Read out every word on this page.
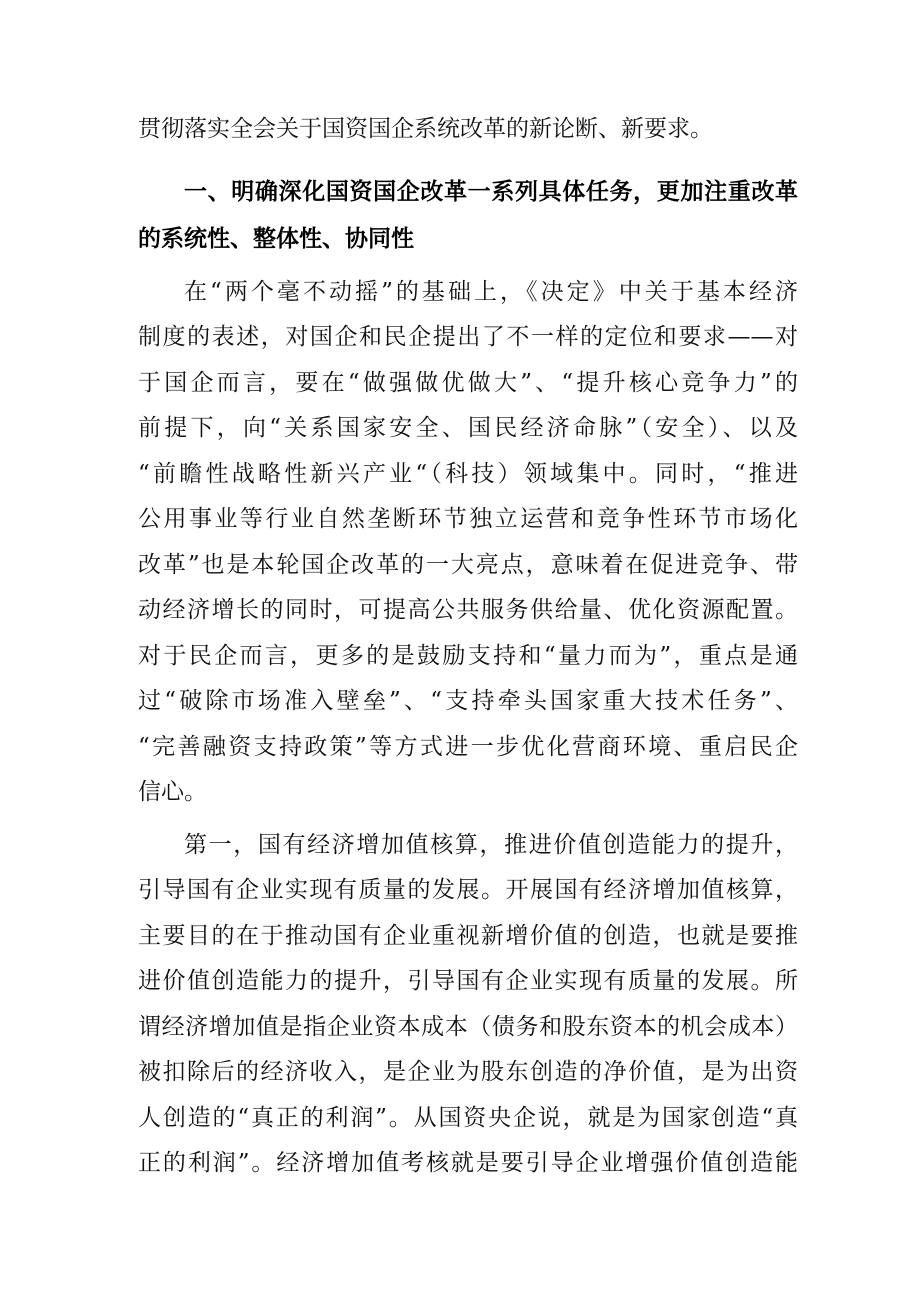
贯彻落实全会关于国资国企系统改革的新论断、新要求。

一、明确深化国资国企改革一系列具体任务，更加注重改革

的系统性、整体性、协同性

在“两个毫不动摇”的基础上，《决定》中关于基本经济

制度的表述，对国企和民企提出了不一样的定位和要求——对

于国企而言，要在“做强做优做大”、“提升核心竞争力”的

前提下，向“关系国家安全、国民经济命脉”（安全）、以及

“前瞻性战略性新兴产业“（科技）领域集中。同时，“推进

公用事业等行业自然垄断环节独立运营和竞争性环节市场化

改革”也是本轮国企改革的一大亮点，意味着在促进竞争、带

动经济增长的同时，可提高公共服务供给量、优化资源配置。

对于民企而言，更多的是鼓励支持和“量力而为”，重点是通

过“破除市场准入壁垒”、“支持牵头国家重大技术任务”、

“完善融资支持政策”等方式进一步优化营商环境、重启民企

信心。

第一，国有经济增加值核算，推进价值创造能力的提升，

引导国有企业实现有质量的发展。开展国有经济增加值核算，

主要目的在于推动国有企业重视新增价值的创造，也就是要推

进价值创造能力的提升，引导国有企业实现有质量的发展。所

谓经济增加值是指企业资本成本（债务和股东资本的机会成本）

被扣除后的经济收入，是企业为股东创造的净价值，是为出资

人创造的“真正的利润”。从国资央企说，就是为国家创造“真

正的利润”。经济增加值考核就是要引导企业增强价值创造能
